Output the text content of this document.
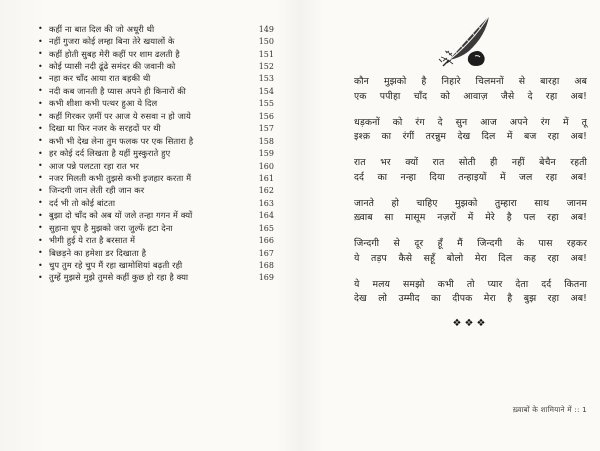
• कहीं ना बात दिल की जो अधूरी थी	149
• नहीं गुजरा कोई लम्हा बिना तेरे खयालों के	150
• कहीं होती सुबह मेरी कहीं पर शाम ढलती है	151
• कोई प्यासी नदी ढूंढे समंदर की जवानी को	152
• नहा कर चाँद आया रात बहकी थी	153
• नदी कब जानती है प्यास अपने ही किनारों की	154
• कभी शीशा कभी पत्थर हुआ ये दिल	155
• कहीं गिरकर ज़मीं पर आज ये रुसवा न हो जाये	156
• दिखा था फिर नजर के सरहदों पर थी	157
• कभी भी देख लेना तुम फलक पर एक सितारा है	158
• हर कोई दर्द लिखता है यहीं मुस्कुराते हुए	159
• आज पन्ने पलटता रहा रात भर	160
• नजर मिलती कभी तुझसे कभी इजहार करता मैं	161
• जिन्दगी जान लेती रही जान कर	162
• दर्द भी तो कोई बांटता	163
• बुझा दो चाँद को अब यों जले तन्हा गगन में क्यों	164
• सुहाना धूप है मुझको जरा जुल्फें हटा देना	165
• भीगी हुई ये रात है बरसात में	166
• बिछड़ने का हमेशा डर दिखाता है	167
• चुप तुम रहे चुप मैं रहा खामोशियां बढ़ती रही	168
• तुम्हें मुझसे मुझे तुमसे कहीं कुछ हो रहा है क्या	169
कौन मुझको है निहारे चिलमनों से बारहा अब
एक पपीहा चाँद को आवाज़ जैसे दे रहा अब!
धड़कनों को रंग दे सुन आज अपने रंग में तू
इश्क़ का रंगीं तरन्नुम देख दिल में बज रहा अब!
रात भर क्यों रात सोती ही नहीं बेचैन रहती
दर्द का नन्हा दिया तन्हाइयों में जल रहा अब!
जानते हो चाहिए मुझको तुम्हारा साथ जानम
ख़्वाब सा मासूम नज़रों में मेरे है पल रहा अब!
जिन्दगी से दूर हूँ मैं जिन्दगी के पास रहकर
ये तड़प कैसे सहूँ बोलो मेरा दिल कह रहा अब!
ये मलय समझो कभी तो प्यार देता दर्द कितना
देख लो उम्मीद का दीपक मेरा है बुझ रहा अब!
❖❖❖
ख़्वाबों के शामियाने में :: 1
